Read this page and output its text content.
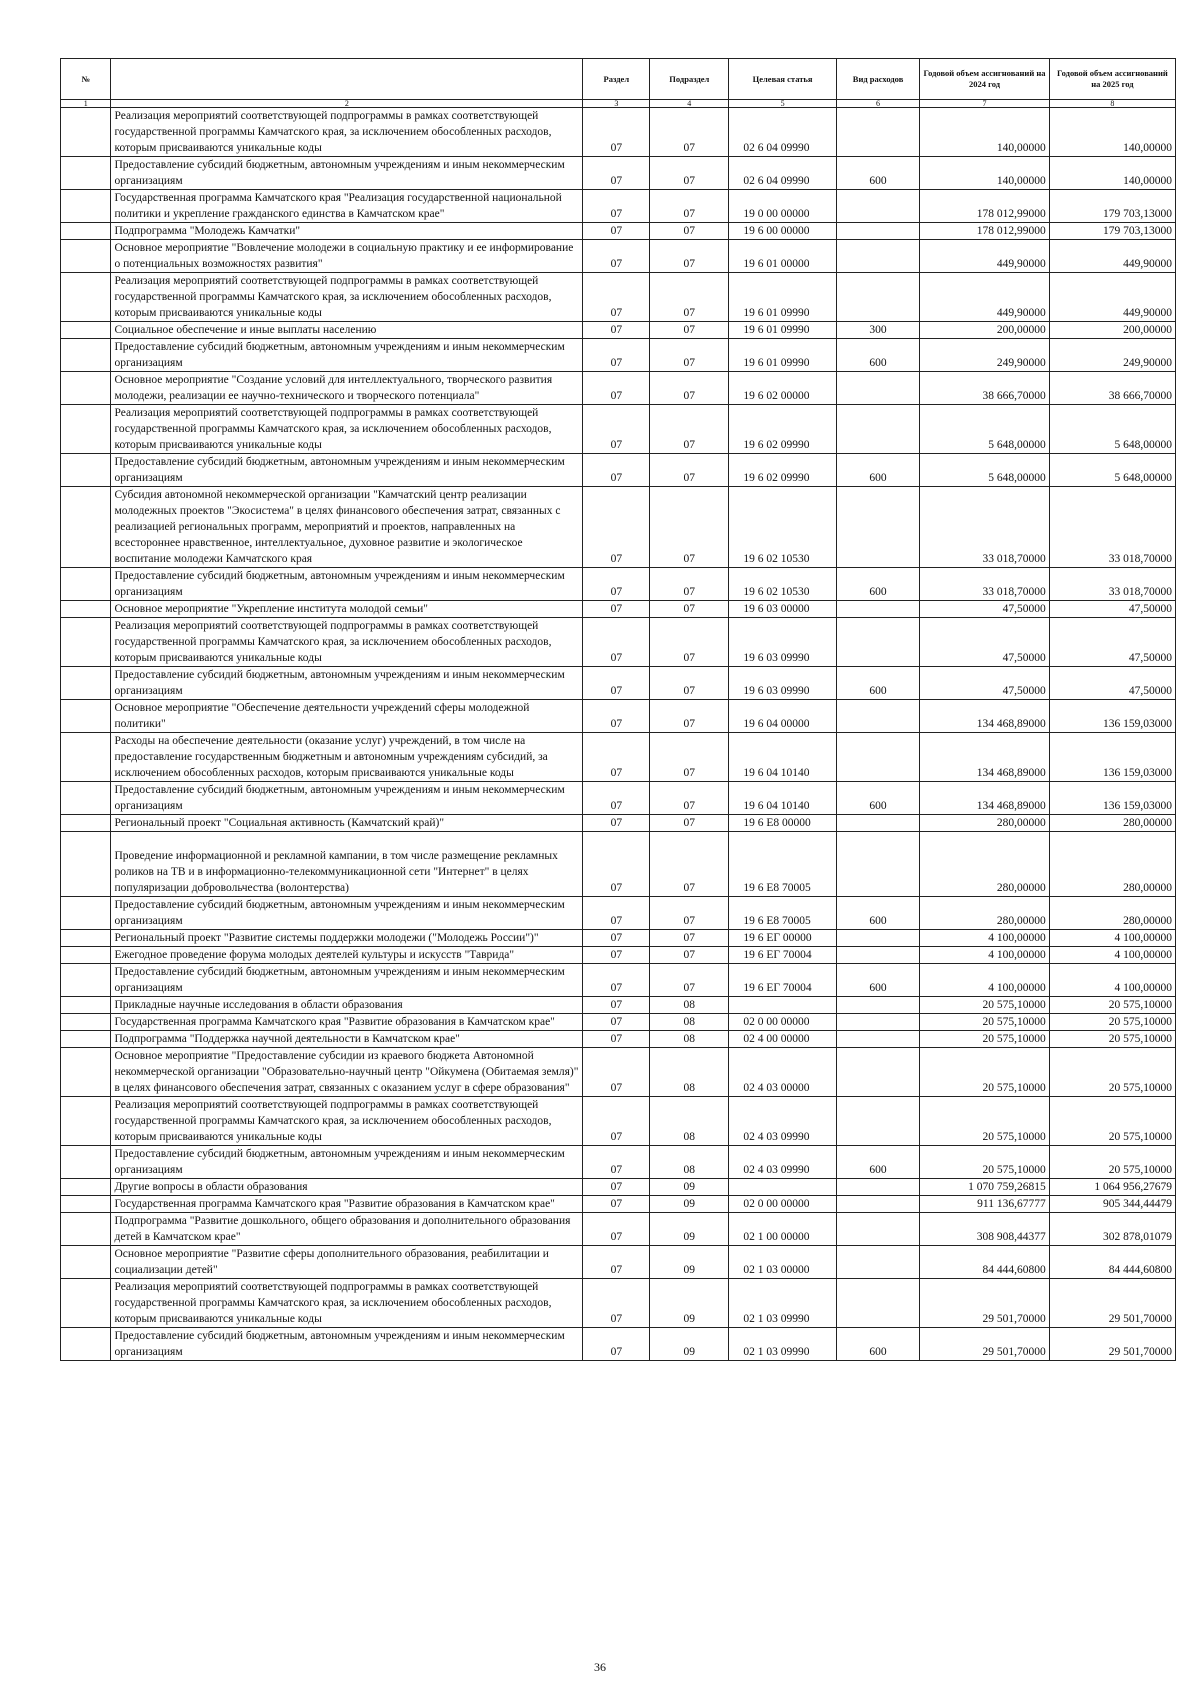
№		Раздел	Подраздел	Целевая статья	Вид расходов	Годовой объем ассигнований на 2024 год	Годовой объем ассигнований на 2025 год
1	2	3	4	5	6	7	8
	Реализация мероприятий соответствующей подпрограммы в рамках соответствующей государственной программы Камчатского края, за исключением обособленных расходов, которым присваиваются уникальные коды	07	07	02 6 04 09990		140,00000	140,00000
	Предоставление субсидий бюджетным, автономным учреждениям и иным некоммерческим организациям	07	07	02 6 04 09990	600	140,00000	140,00000
	Государственная программа Камчатского края "Реализация государственной национальной политики и укрепление гражданского единства в Камчатском крае"	07	07	19 0 00 00000		178 012,99000	179 703,13000
	Подпрограмма "Молодежь Камчатки"	07	07	19 6 00 00000		178 012,99000	179 703,13000
	Основное мероприятие "Вовлечение молодежи в социальную практику и ее информирование о потенциальных возможностях развития"	07	07	19 6 01 00000		449,90000	449,90000
	Реализация мероприятий соответствующей подпрограммы в рамках соответствующей государственной программы Камчатского края, за исключением обособленных расходов, которым присваиваются уникальные коды	07	07	19 6 01 09990		449,90000	449,90000
	Социальное обеспечение и иные выплаты населению	07	07	19 6 01 09990	300	200,00000	200,00000
	Предоставление субсидий бюджетным, автономным учреждениям и иным некоммерческим организациям	07	07	19 6 01 09990	600	249,90000	249,90000
	Основное мероприятие "Создание условий для интеллектуального, творческого развития молодежи, реализации ее научно-технического и творческого потенциала"	07	07	19 6 02 00000		38 666,70000	38 666,70000
	Реализация мероприятий соответствующей подпрограммы в рамках соответствующей государственной программы Камчатского края, за исключением обособленных расходов, которым присваиваются уникальные коды	07	07	19 6 02 09990		5 648,00000	5 648,00000
	Предоставление субсидий бюджетным, автономным учреждениям и иным некоммерческим организациям	07	07	19 6 02 09990	600	5 648,00000	5 648,00000
	Субсидия автономной некоммерческой организации "Камчатский центр реализации молодежных проектов "Экосистема" в целях финансового обеспечения затрат, связанных с реализацией региональных программ, мероприятий и проектов, направленных на всестороннее нравственное, интеллектуальное, духовное развитие и экологическое воспитание молодежи Камчатского края	07	07	19 6 02 10530		33 018,70000	33 018,70000
	Предоставление субсидий бюджетным, автономным учреждениям и иным некоммерческим организациям	07	07	19 6 02 10530	600	33 018,70000	33 018,70000
	Основное мероприятие "Укрепление института молодой семьи"	07	07	19 6 03 00000		47,50000	47,50000
	Реализация мероприятий соответствующей подпрограммы в рамках соответствующей государственной программы Камчатского края, за исключением обособленных расходов, которым присваиваются уникальные коды	07	07	19 6 03 09990		47,50000	47,50000
	Предоставление субсидий бюджетным, автономным учреждениям и иным некоммерческим организациям	07	07	19 6 03 09990	600	47,50000	47,50000
	Основное мероприятие "Обеспечение деятельности учреждений сферы молодежной политики"	07	07	19 6 04 00000		134 468,89000	136 159,03000
	Расходы на обеспечение деятельности (оказание услуг) учреждений, в том числе на предоставление государственным бюджетным и автономным учреждениям субсидий, за исключением обособленных расходов, которым присваиваются уникальные коды	07	07	19 6 04 10140		134 468,89000	136 159,03000
	Предоставление субсидий бюджетным, автономным учреждениям и иным некоммерческим организациям	07	07	19 6 04 10140	600	134 468,89000	136 159,03000
	Региональный проект "Социальная активность (Камчатский край)"	07	07	19 6 E8 00000		280,00000	280,00000
	Проведение информационной и рекламной кампании, в том числе размещение рекламных роликов на ТВ и в информационно-телекоммуникационной сети "Интернет" в целях популяризации добровольчества (волонтерства)	07	07	19 6 E8 70005		280,00000	280,00000
	Предоставление субсидий бюджетным, автономным учреждениям и иным некоммерческим организациям	07	07	19 6 E8 70005	600	280,00000	280,00000
	Региональный проект "Развитие системы поддержки молодежи ("Молодежь России")"	07	07	19 6 EГ 00000		4 100,00000	4 100,00000
	Ежегодное проведение форума молодых деятелей культуры и искусств "Таврида"	07	07	19 6 EГ 70004		4 100,00000	4 100,00000
	Предоставление субсидий бюджетным, автономным учреждениям и иным некоммерческим организациям	07	07	19 6 EГ 70004	600	4 100,00000	4 100,00000
	Прикладные научные исследования в области образования	07	08			20 575,10000	20 575,10000
	Государственная программа Камчатского края "Развитие образования в Камчатском крае"	07	08	02 0 00 00000		20 575,10000	20 575,10000
	Подпрограмма "Поддержка научной деятельности в Камчатском крае"	07	08	02 4 00 00000		20 575,10000	20 575,10000
	Основное мероприятие "Предоставление субсидии из краевого бюджета Автономной некоммерческой организации "Образовательно-научный центр "Ойкумена (Обитаемая земля)" в целях финансового обеспечения затрат, связанных с оказанием услуг в сфере образования"	07	08	02 4 03 00000		20 575,10000	20 575,10000
	Реализация мероприятий соответствующей подпрограммы в рамках соответствующей государственной программы Камчатского края, за исключением обособленных расходов, которым присваиваются уникальные коды	07	08	02 4 03 09990		20 575,10000	20 575,10000
	Предоставление субсидий бюджетным, автономным учреждениям и иным некоммерческим организациям	07	08	02 4 03 09990	600	20 575,10000	20 575,10000
	Другие вопросы в области образования	07	09			1 070 759,26815	1 064 956,27679
	Государственная программа Камчатского края "Развитие образования в Камчатском крае"	07	09	02 0 00 00000		911 136,67777	905 344,44479
	Подпрограмма "Развитие дошкольного, общего образования и дополнительного образования детей в Камчатском крае"	07	09	02 1 00 00000		308 908,44377	302 878,01079
	Основное мероприятие "Развитие сферы дополнительного образования, реабилитации и социализации детей"	07	09	02 1 03 00000		84 444,60800	84 444,60800
	Реализация мероприятий соответствующей подпрограммы в рамках соответствующей государственной программы Камчатского края, за исключением обособленных расходов, которым присваиваются уникальные коды	07	09	02 1 03 09990		29 501,70000	29 501,70000
	Предоставление субсидий бюджетным, автономным учреждениям и иным некоммерческим организациям	07	09	02 1 03 09990	600	29 501,70000	29 501,70000
36
